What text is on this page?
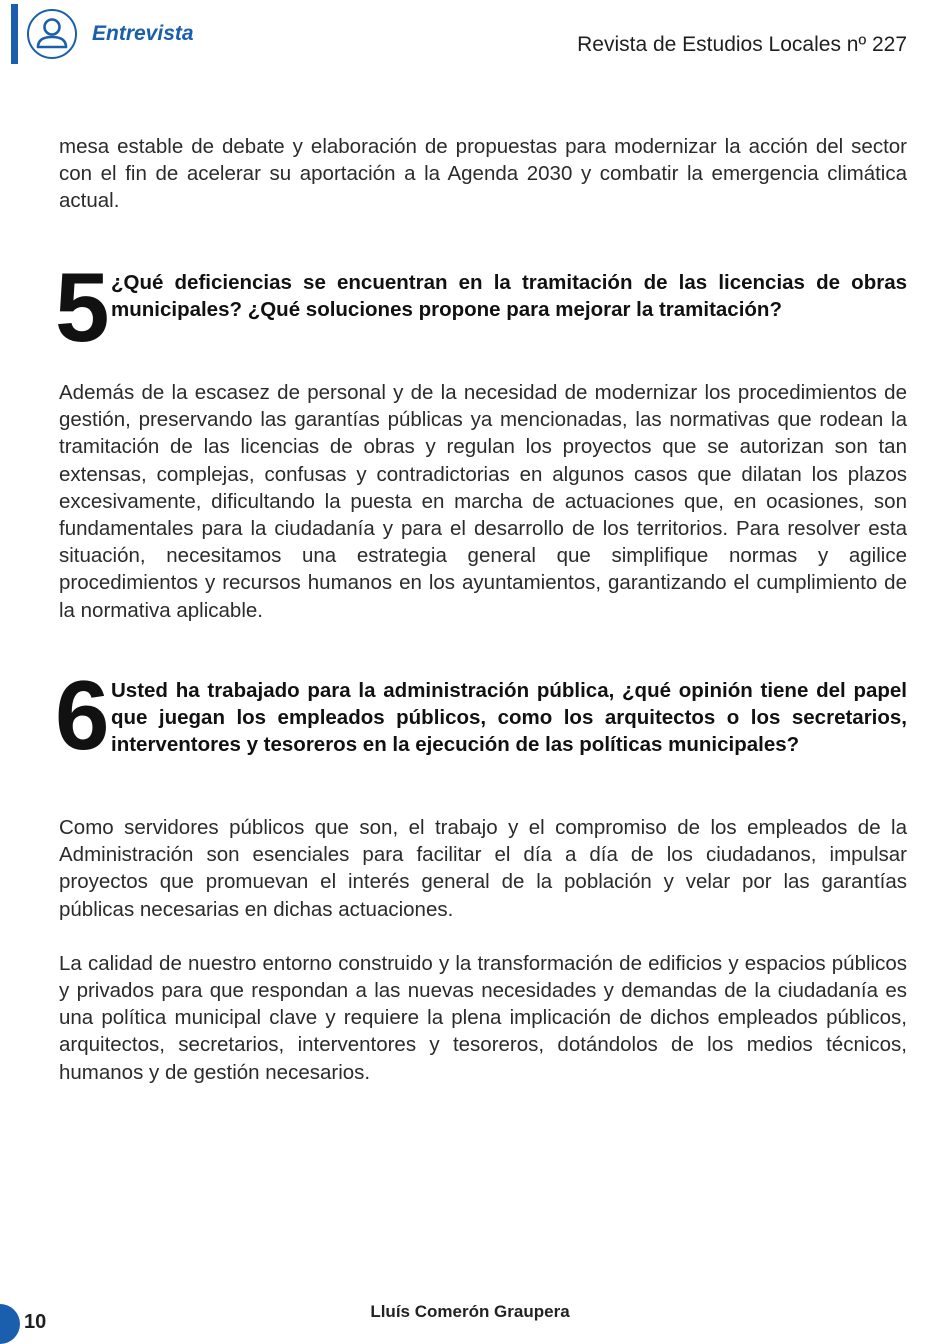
Entrevista	Revista de Estudios Locales nº 227

mesa estable de debate y elaboración de propuestas para modernizar la acción del sector con el fin de acelerar su aportación a la Agenda 2030 y combatir la emergencia climática actual.

5 ¿Qué deficiencias se encuentran en la tramitación de las licencias de obras municipales? ¿Qué soluciones propone para mejorar la tramitación?

Además de la escasez de personal y de la necesidad de modernizar los procedimientos de gestión, preservando las garantías públicas ya mencionadas, las normativas que rodean la tramitación de las licencias de obras y regulan los proyectos que se autorizan son tan extensas, complejas, confusas y contradictorias en algunos casos que dilatan los plazos excesivamente, dificultando la puesta en marcha de actuaciones que, en ocasiones, son fundamentales para la ciudadanía y para el desarrollo de los territorios. Para resolver esta situación, necesitamos una estrategia general que simplifique normas y agilice procedimientos y recursos humanos en los ayuntamientos, garantizando el cumplimiento de la normativa aplicable.

6 Usted ha trabajado para la administración pública, ¿qué opinión tiene del papel que juegan los empleados públicos, como los arquitectos o los secretarios, interventores y tesoreros en la ejecución de las políticas municipales?

Como servidores públicos que son, el trabajo y el compromiso de los empleados de la Administración son esenciales para facilitar el día a día de los ciudadanos, impulsar proyectos que promuevan el interés general de la población y velar por las garantías públicas necesarias en dichas actuaciones.

La calidad de nuestro entorno construido y la transformación de edificios y espacios públicos y privados para que respondan a las nuevas necesidades y demandas de la ciudadanía es una política municipal clave y requiere la plena implicación de dichos empleados públicos, arquitectos, secretarios, interventores y tesoreros, dotándolos de los medios técnicos, humanos y de gestión necesarios.

10	Lluís Comerón Graupera
